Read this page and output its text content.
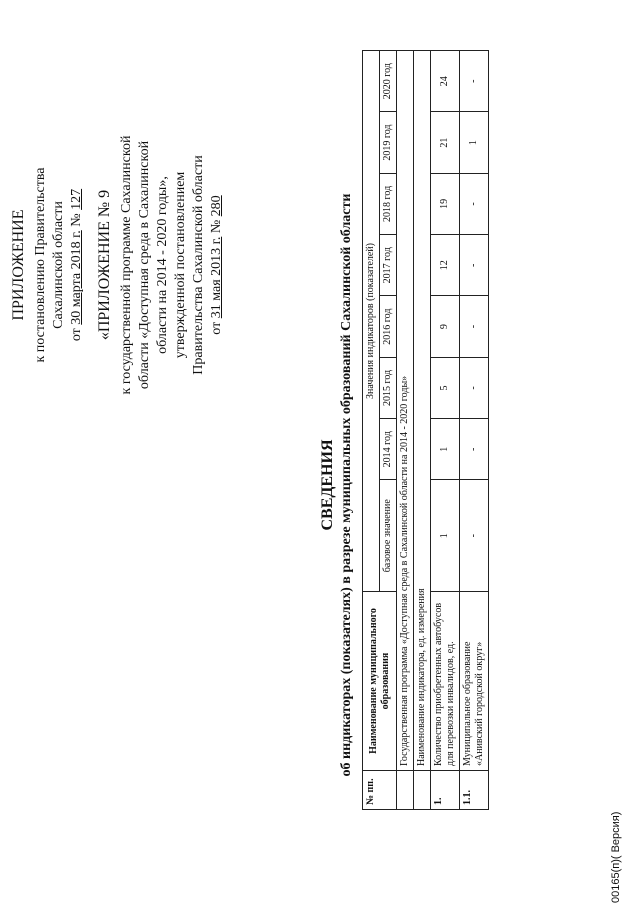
ПРИЛОЖЕНИЕ к постановлению Правительства Сахалинской области
от 30 марта 2018 г. № 127 «ПРИЛОЖЕНИЕ № 9 к государственной программе Сахалинской области «Доступная среда в Сахалинской области на 2014 - 2020 годы», утвержденной постановлением Правительства Сахалинской области от 31 мая 2013 г. № 280
СВЕДЕНИЯ об индикаторах (показателях) в разрезе муниципальных образований Сахалинской области
№ пп.	Наименование муниципального образования	Значения индикаторов (показателей)							
		базовое значение	2014 год	2015 год	2016 год	2017 год	2018 год	2019 год	2020 год
	Государственная программа «Доступная среда в Сахалинской области на 2014 - 2020 годы»								
	Наименование индикатора, ед. измерения								
1.	Количество приобретенных автобусов для перевозки инвалидов, ед.	1	1	5	9	12	19	21	24
1.1.	Муниципальное образование «Анивский городской округ»	-	-	-	-	-	-	1	-
00165(п)( Версия)
